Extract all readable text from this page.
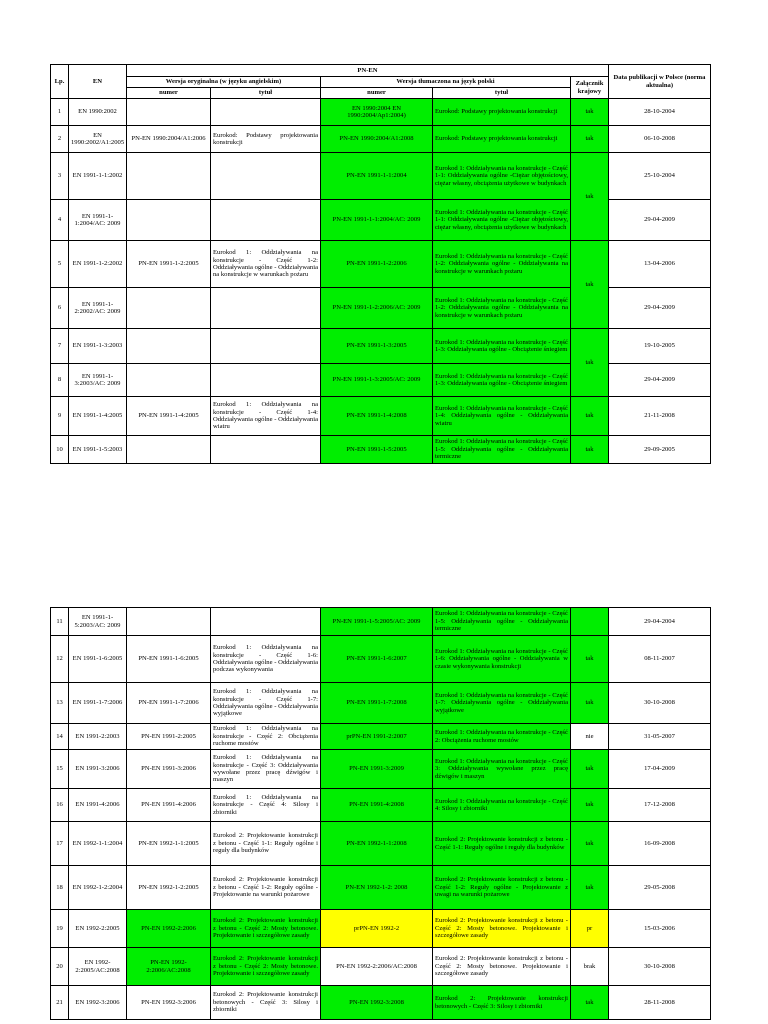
Lp.	EN	PN-EN					Data publikacji w Polsce (norma aktualna)
		Wersja oryginalna (w języku angielskim)		Wersja tłumaczona na język polski		Załącznik krajowy	
		numer	tytuł	numer	tytuł		
1	EN 1990:2002			EN 1990:2004 EN 1990:2004/Ap1:2004)	Eurokod: Podstawy projektowania konstrukcji	tak	28-10-2004
2	EN 1990:2002/A1:2005	PN-EN 1990:2004/A1:2006	Eurokod: Podstawy projektowania konstrukcji	PN-EN 1990:2004/A1:2008	Eurokod: Podstawy projektowania konstrukcji	tak	06-10-2008
3	EN 1991-1-1:2002			PN-EN 1991-1-1:2004	Eurokod 1: Oddziaływania na konstrukcje - Część 1-1: Oddziaływania ogólne -Ciężar objętościowy, ciężar własny, obciążenia użytkowe w budynkach	tak	25-10-2004
4	EN 1991-1-1:2004/AC: 2009			PN-EN 1991-1-1:2004/AC: 2009	Eurokod 1: Oddziaływania na konstrukcje - Część 1-1: Oddziaływania ogólne -Ciężar objętościowy, ciężar własny, obciążenia użytkowe w budynkach		29-04-2009
5	EN 1991-1-2:2002	PN-EN 1991-1-2:2005	Eurokod 1: Oddziaływania na konstrukcje - Część 1-2: Oddziaływania ogólne - Oddziaływania na konstrukcje w warunkach pożaru	PN-EN 1991-1-2:2006	Eurokod 1: Oddziaływania na konstrukcje - Część 1-2: Oddziaływania ogólne - Oddziaływania na konstrukcje w warunkach pożaru	tak	13-04-2006
6	EN 1991-1-2:2002/AC: 2009			PN-EN 1991-1-2:2006/AC: 2009	Eurokod 1: Oddziaływania na konstrukcje - Część 1-2: Oddziaływania ogólne - Oddziaływania na konstrukcje w warunkach pożaru		29-04-2009
7	EN 1991-1-3:2003			PN-EN 1991-1-3:2005	Eurokod 1: Oddziaływania na konstrukcje - Część 1-3: Oddziaływania ogólne - Obciążenie śniegiem	tak	19-10-2005
8	EN 1991-1-3:2003/AC: 2009			PN-EN 1991-1-3:2005/AC: 2009	Eurokod 1: Oddziaływania na konstrukcje - Część 1-3: Oddziaływania ogólne - Obciążenie śniegiem		29-04-2009
9	EN 1991-1-4:2005	PN-EN 1991-1-4:2005	Eurokod 1: Oddziaływania na konstrukcje - Część 1-4: Oddziaływania ogólne - Oddziaływania wiatru	PN-EN 1991-1-4:2008	Eurokod 1: Oddziaływania na konstrukcje - Część 1-4: Oddziaływania ogólne - Oddziaływania wiatru	tak	21-11-2008
10	EN 1991-1-5:2003			PN-EN 1991-1-5:2005	Eurokod 1: Oddziaływania na konstrukcje - Część 1-5: Oddziaływania ogólne - Oddziaływania termiczne	tak	29-09-2005
11	EN 1991-1-5:2003/AC: 2009			PN-EN 1991-1-5:2005/AC: 2009	Eurokod 1: Oddziaływania na konstrukcje - Część 1-5: Oddziaływania ogólne - Oddziaływania termiczne		29-04-2004
12	EN 1991-1-6:2005	PN-EN 1991-1-6:2005	Eurokod 1: Oddziaływania na konstrukcje - Część 1-6: Oddziaływania ogólne - Oddziaływania podczas wykonywania	PN-EN 1991-1-6:2007	Eurokod 1: Oddziaływania na konstrukcje - Część 1-6: Oddziaływania ogólne - Oddziaływania w czasie wykonywania konstrukcji	tak	08-11-2007
13	EN 1991-1-7:2006	PN-EN 1991-1-7:2006	Eurokod 1: Oddziaływania na konstrukcje - Część 1-7: Oddziaływania ogólne - Oddziaływania wyjątkowe	PN-EN 1991-1-7:2008	Eurokod 1: Oddziaływania na konstrukcje - Część 1-7: Oddziaływania ogólne - Oddziaływania wyjątkowe	tak	30-10-2008
14	EN 1991-2:2003	PN-EN 1991-2:2005	Eurokod 1: Oddziaływania na konstrukcje - Część 2: Obciążenia ruchome mostów	prPN-EN 1991-2:2007	Eurokod 1: Oddziaływania na konstrukcje - Część 2: Obciążenia ruchome mostów	nie	31-05-2007
15	EN 1991-3:2006	PN-EN 1991-3:2006	Eurokod 1: Oddziaływania na konstrukcje - Część 3: Oddziaływania wywołane przez pracę dźwigów i maszyn	PN-EN 1991-3:2009	Eurokod 1: Oddziaływania na konstrukcje - Część 3: Oddziaływania wywołane przez pracę dźwigów i maszyn	tak	17-04-2009
16	EN 1991-4:2006	PN-EN 1991-4:2006	Eurokod 1: Oddziaływania na konstrukcje - Część 4: Silosy i zbiorniki	PN-EN 1991-4:2008	Eurokod 1: Oddziaływania na konstrukcje - Część 4: Silosy i zbiorniki	tak	17-12-2008
17	EN 1992-1-1:2004	PN-EN 1992-1-1:2005	Eurokod 2: Projektowanie konstrukcji z betonu - Część 1-1: Reguły ogólne i reguły dla budynków	PN-EN 1992-1-1:2008	Eurokod 2: Projektowanie konstrukcji z betonu - Część 1-1: Reguły ogólne i reguły dla budynków	tak	16-09-2008
18	EN 1992-1-2:2004	PN-EN 1992-1-2:2005	Eurokod 2: Projektowanie konstrukcji z betonu - Część 1-2: Reguły ogólne - Projektowanie na warunki pożarowe	PN-EN 1992-1-2: 2008	Eurokod 2: Projektowanie konstrukcji z betonu - Część 1-2: Reguły ogólne - Projektowanie z uwagi na warunki pożarowe	tak	29-05-2008
19	EN 1992-2:2005	PN-EN 1992-2:2006	Eurokod 2: Projektowanie konstrukcji z betonu - Część 2: Mosty betonowe. Projektowanie i szczegółowe zasady	prPN-EN 1992-2	Eurokod 2: Projektowanie konstrukcji z betonu - Część 2: Mosty betonowe. Projektowanie i szczegółowe zasady	pr	15-03-2006
20	EN 1992-2:2005/AC:2008	PN-EN 1992-2:2006/AC:2008	Eurokod 2: Projektowanie konstrukcji z betonu - Część 2: Mosty betonowe. Projektowanie i szczegółowe zasady	PN-EN 1992-2:2006/AC:2008	Eurokod 2: Projektowanie konstrukcji z betonu - Część 2: Mosty betonowe. Projektowanie i szczegółowe zasady	brak	30-10-2008
21	EN 1992-3:2006	PN-EN 1992-3:2006	Eurokod 2: Projektowanie konstrukcji betonowych - Część 3: Silosy i zbiorniki	PN-EN 1992-3:2008	Eurokod 2: Projektowanie konstrukcji betonowych - Część 3: Silosy i zbiorniki	tak	28-11-2008
